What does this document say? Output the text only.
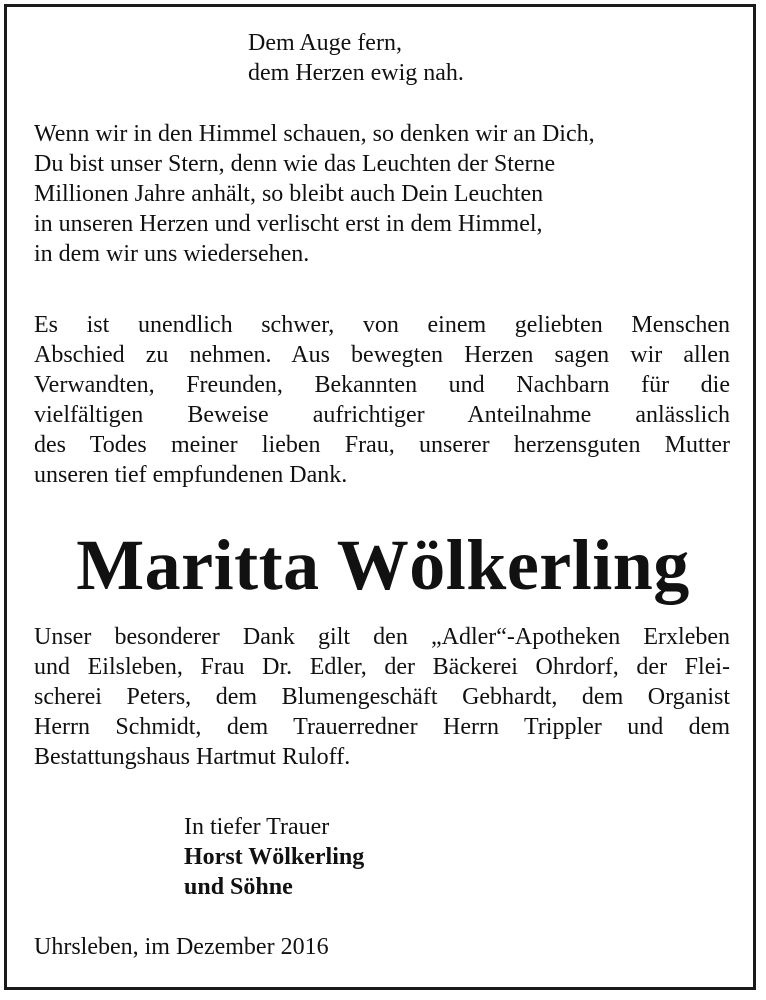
Dem Auge fern,
dem Herzen ewig nah.
Wenn wir in den Himmel schauen, so denken wir an Dich,
Du bist unser Stern, denn wie das Leuchten der Sterne
Millionen Jahre anhält, so bleibt auch Dein Leuchten
in unseren Herzen und verlischt erst in dem Himmel,
in dem wir uns wiedersehen.
Es ist unendlich schwer, von einem geliebten Menschen
Abschied zu nehmen. Aus bewegten Herzen sagen wir allen
Verwandten, Freunden, Bekannten und Nachbarn für die
vielfältigen Beweise aufrichtiger Anteilnahme anlässlich
des Todes meiner lieben Frau, unserer herzensguten Mutter
unseren tief empfundenen Dank.
Maritta Wölkerling
Unser besonderer Dank gilt den „Adler“-Apotheken Erxleben
und Eilsleben, Frau Dr. Edler, der Bäckerei Ohrdorf, der Flei-
scherei Peters, dem Blumengeschäft Gebhardt, dem Organist
Herrn Schmidt, dem Trauerredner Herrn Trippler und dem
Bestattungshaus Hartmut Ruloff.
In tiefer Trauer
Horst Wölkerling
und Söhne
Uhrsleben, im Dezember 2016
